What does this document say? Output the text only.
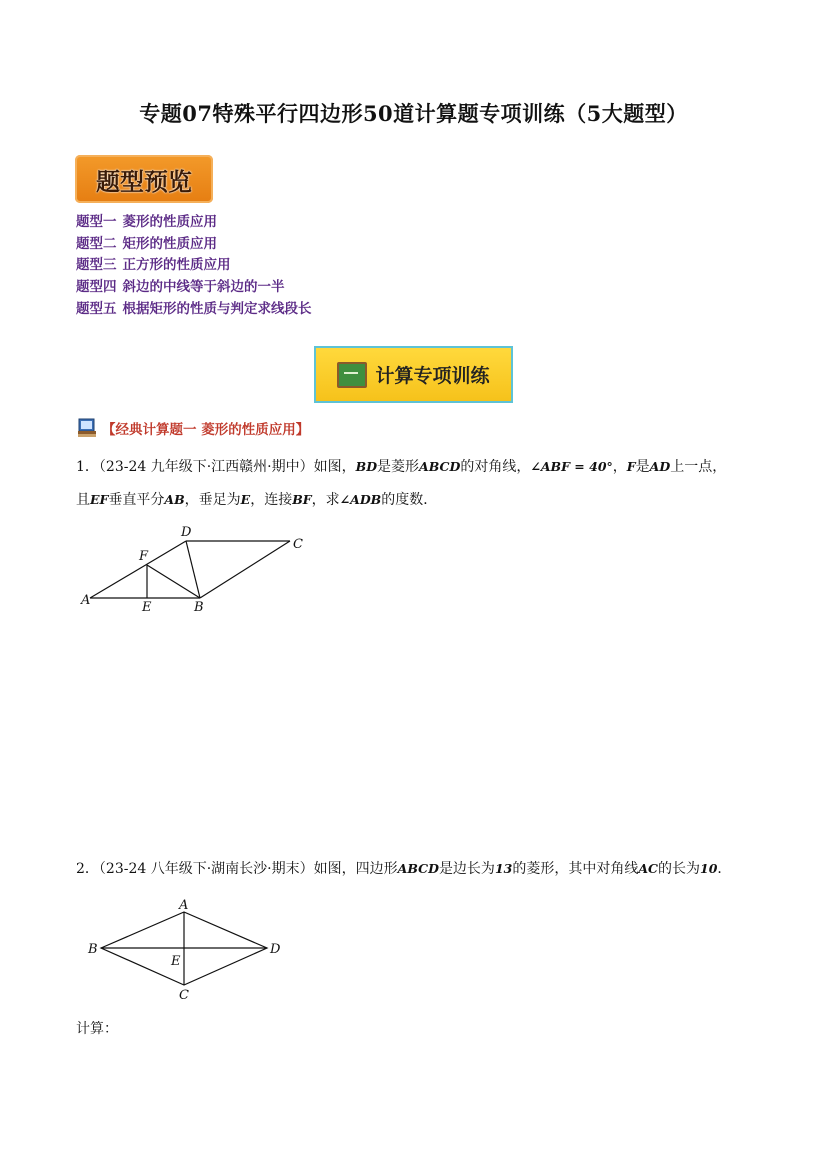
专题07特殊平行四边形50道计算题专项训练（5大题型）
题型预览
题型一 菱形的性质应用
题型二 矩形的性质应用
题型三 正方形的性质应用
题型四 斜边的中线等于斜边的一半
题型五 根据矩形的性质与判定求线段长
计算专项训练
【经典计算题一 菱形的性质应用】
1．（23-24 九年级下·江西赣州·期中）如图，BD是菱形ABCD的对角线，∠ABF = 40°，F是AD上一点，
且EF垂直平分AB，垂足为E，连接BF，求∠ADB的度数．
A	B
C
D
E
F
2．（23-24 八年级下·湖南长沙·期末）如图，四边形ABCD是边长为13的菱形，其中对角线AC的长为10．
A
B
C
D
E
计算：
